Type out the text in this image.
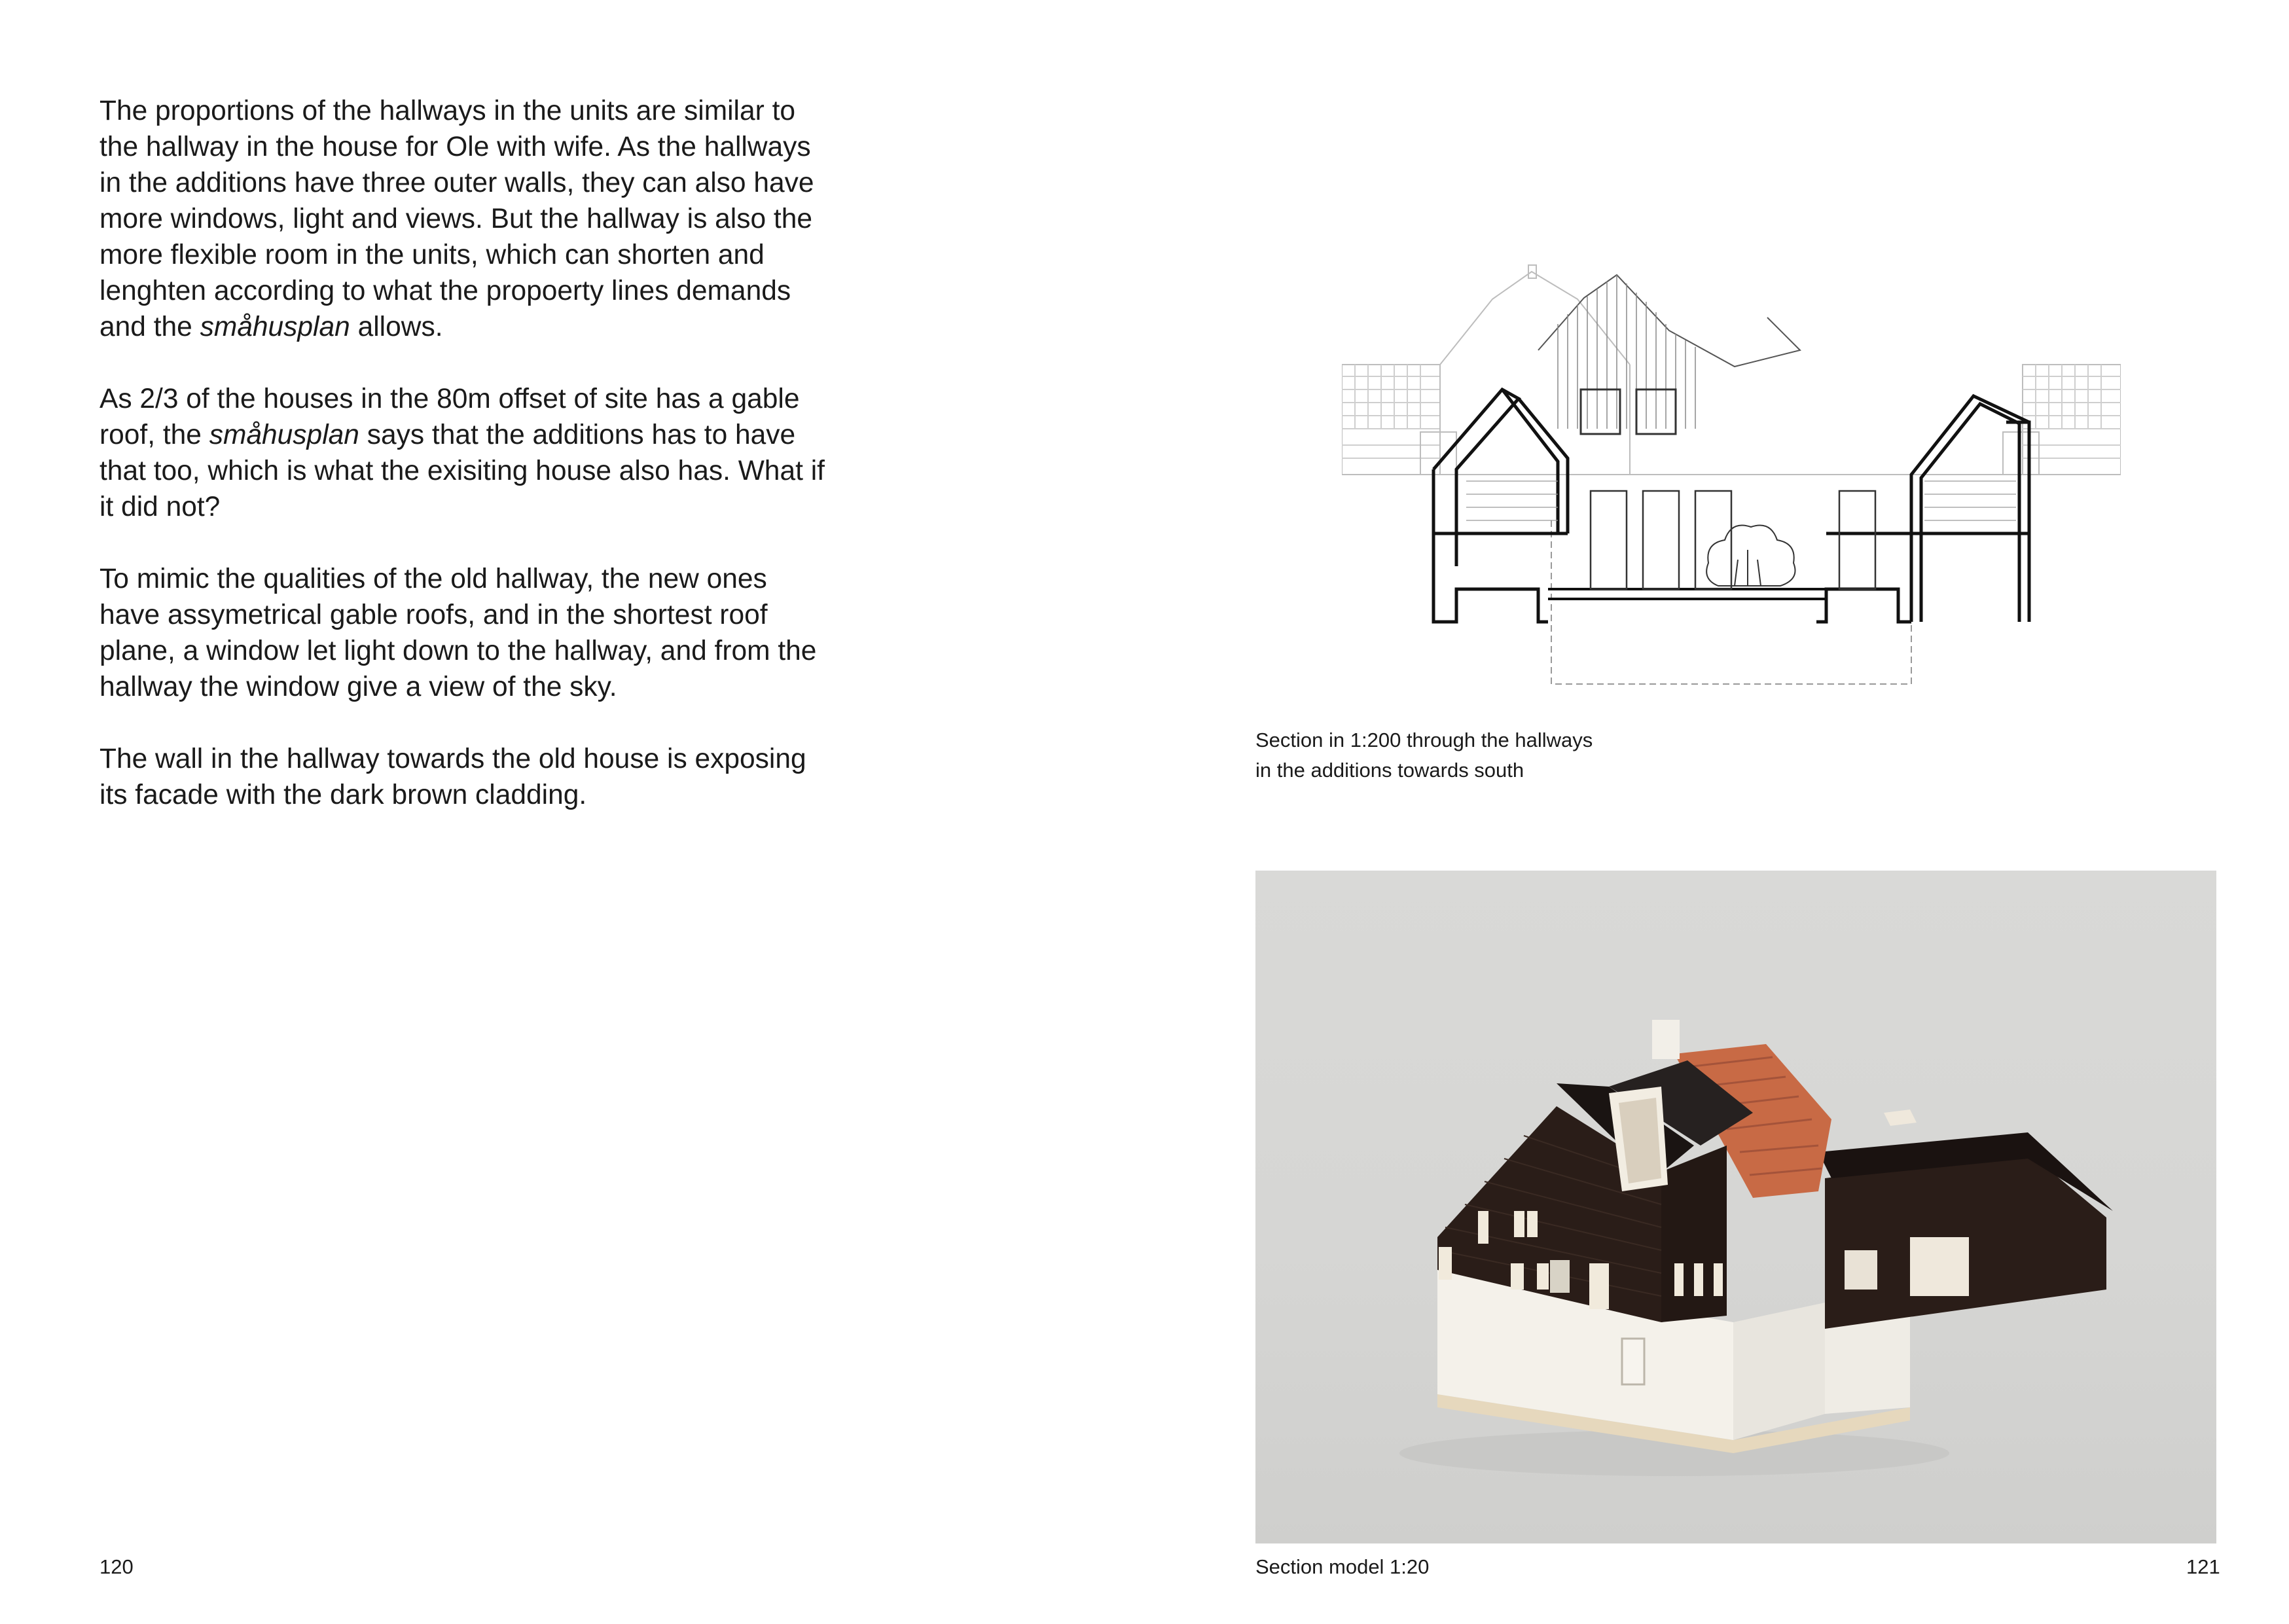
The proportions of the hallways in the units are similar to the hallway in the house for Ole with wife. As the hallways in the additions have three outer walls, they can also have more windows, light and views. But the hallway is also the more flexible room in the units, which can shorten and lenghten according to what the propoerty lines demands and the småhusplan allows.

As 2/3 of the houses in the 80m offset of site has a gable roof, the småhusplan says that the additions has to have that too, which is what the exisiting house also has. What if it did not?

To mimic the qualities of the old hallway, the new ones have assymetrical gable roofs, and in the shortest roof plane, a window let light down to the hallway, and from the hallway the window give a view of the sky.

The wall in the hallway towards the old house is exposing its facade with the dark brown cladding.

120
Section in 1:200 through the hallways
in the additions towards south
Section model 1:20	121
